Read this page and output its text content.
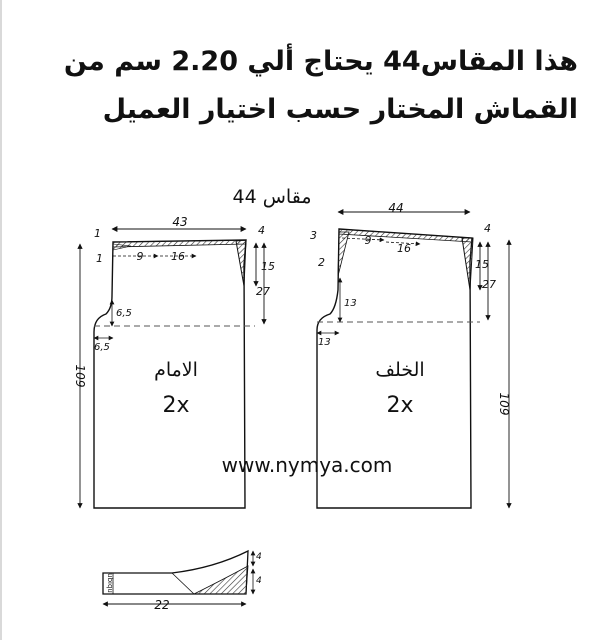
هذا المقاس44 يحتاج ألي 2.20 سم من
القماش المختار حسب اختيار العميل
مقاس 44
43
9	16
1
1
4
15
27
6,5
6,5
109	الامام
2x
44
9
16
3
2
4
15
27
13
13
109
الخلف
2x
www.nymya.com
ubiqu
22
4
4
